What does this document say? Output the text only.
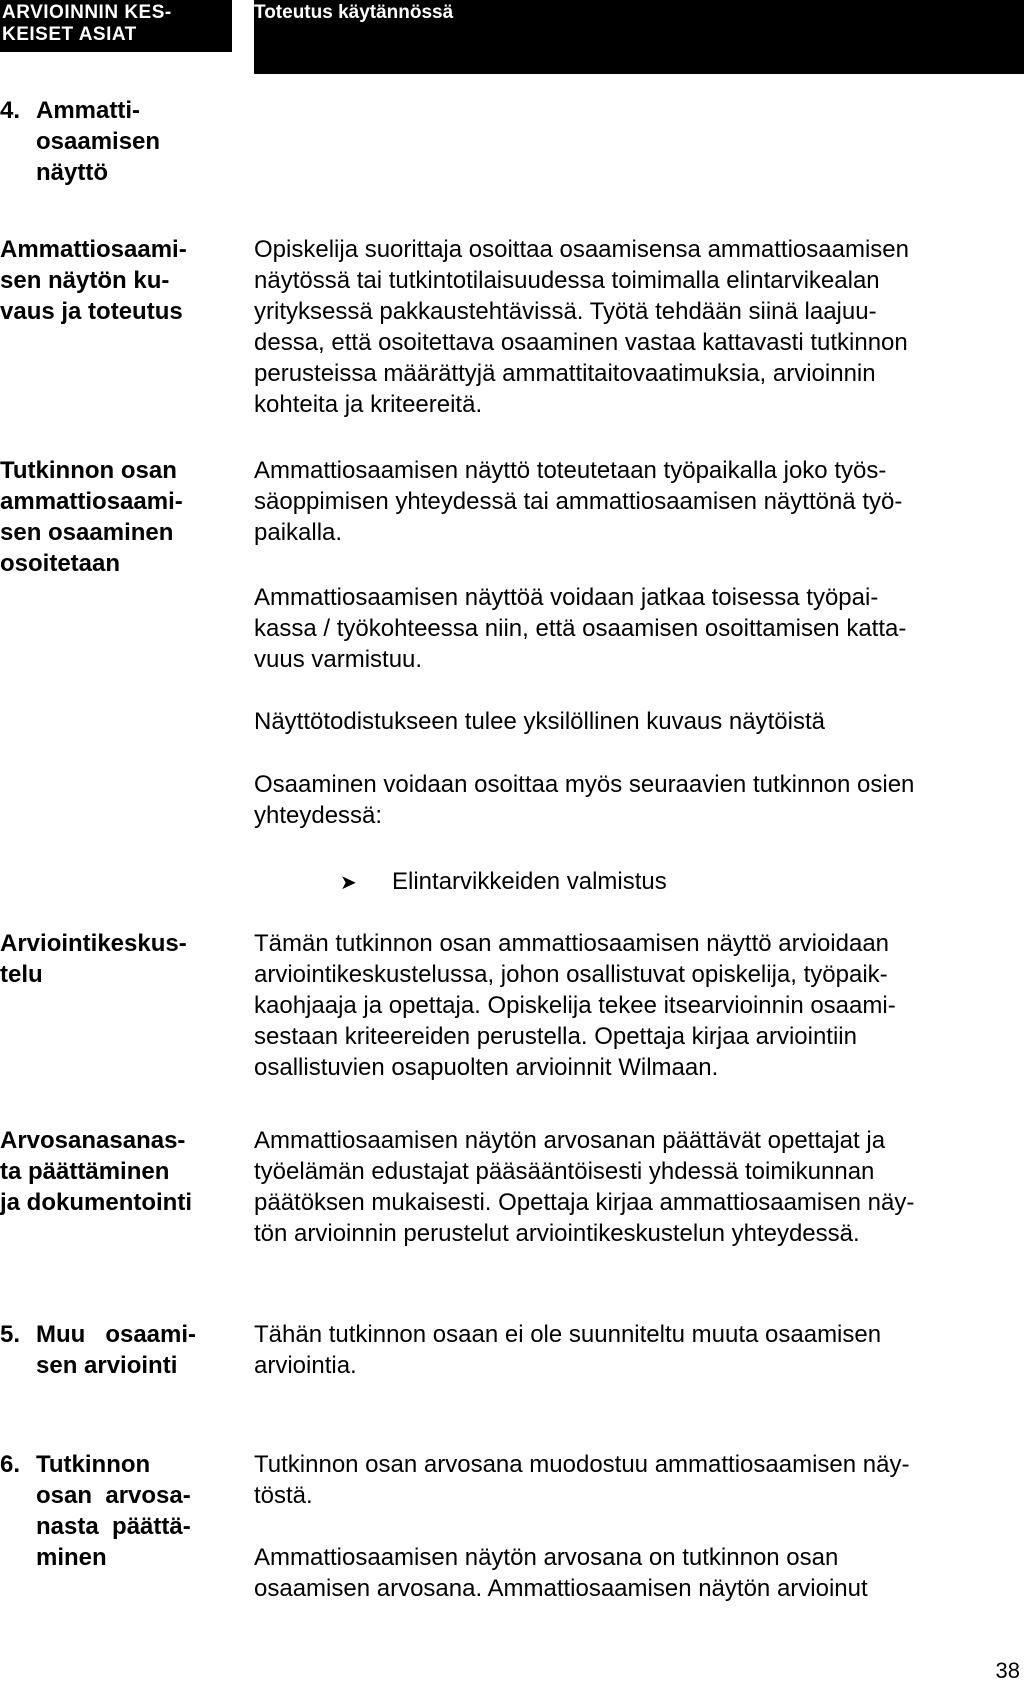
ARVIOINNIN KES-
KEISET ASIAT
Toteutus käytännössä
4. Ammatti-
osaamisen
näyttö
Ammattiosaami-
sen näytön ku-
vaus ja toteutus
Opiskelija suorittaja osoittaa osaamisensa ammattiosaamisen
näytössä tai tutkintotilaisuudessa toimimalla elintarvikealan
yrityksessä pakkaustehtävissä. Työtä tehdään siinä laajuu-
dessa, että osoitettava osaaminen vastaa kattavasti tutkinnon
perusteissa määrättyjä ammattitaitovaatimuksia, arvioinnin
kohteita ja kriteereitä.
Tutkinnon osan
ammattiosaami-
sen osaaminen
osoitetaan
Ammattiosaamisen näyttö toteutetaan työpaikalla joko työs-
säoppimisen yhteydessä tai ammattiosaamisen näyttönä työ-
paikalla.
Ammattiosaamisen näyttöä voidaan jatkaa toisessa työpai-
kassa / työkohteessa niin, että osaamisen osoittamisen katta-
vuus varmistuu.
Näyttötodistukseen tulee yksilöllinen kuvaus näytöistä
Osaaminen voidaan osoittaa myös seuraavien tutkinnon osien
yhteydessä:
➤ Elintarvikkeiden valmistus
Arviointikeskus-
telu
Tämän tutkinnon osan ammattiosaamisen näyttö arvioidaan
arviointikeskustelussa, johon osallistuvat opiskelija, työpaik-
kaohjaaja ja opettaja. Opiskelija tekee itsearvioinnin osaami-
sestaan kriteereiden perustella. Opettaja kirjaa arviointiin
osallistuvien osapuolten arvioinnit Wilmaan.
Arvosanasanas-
ta päättäminen
ja dokumentointi
Ammattiosaamisen näytön arvosanan päättävät opettajat ja
työelämän edustajat pääsääntöisesti yhdessä toimikunnan
päätöksen mukaisesti. Opettaja kirjaa ammattiosaamisen näy-
tön arvioinnin perustelut arviointikeskustelun yhteydessä.
5. Muu   osaami-
sen arviointi
Tähän tutkinnon osaan ei ole suunniteltu muuta osaamisen
arviointia.
6. Tutkinnon
osan  arvosa-
nasta  päättä-
minen
Tutkinnon osan arvosana muodostuu ammattiosaamisen näy-
töstä.
Ammattiosaamisen näytön arvosana on tutkinnon osan
osaamisen arvosana. Ammattiosaamisen näytön arvioinut
38
